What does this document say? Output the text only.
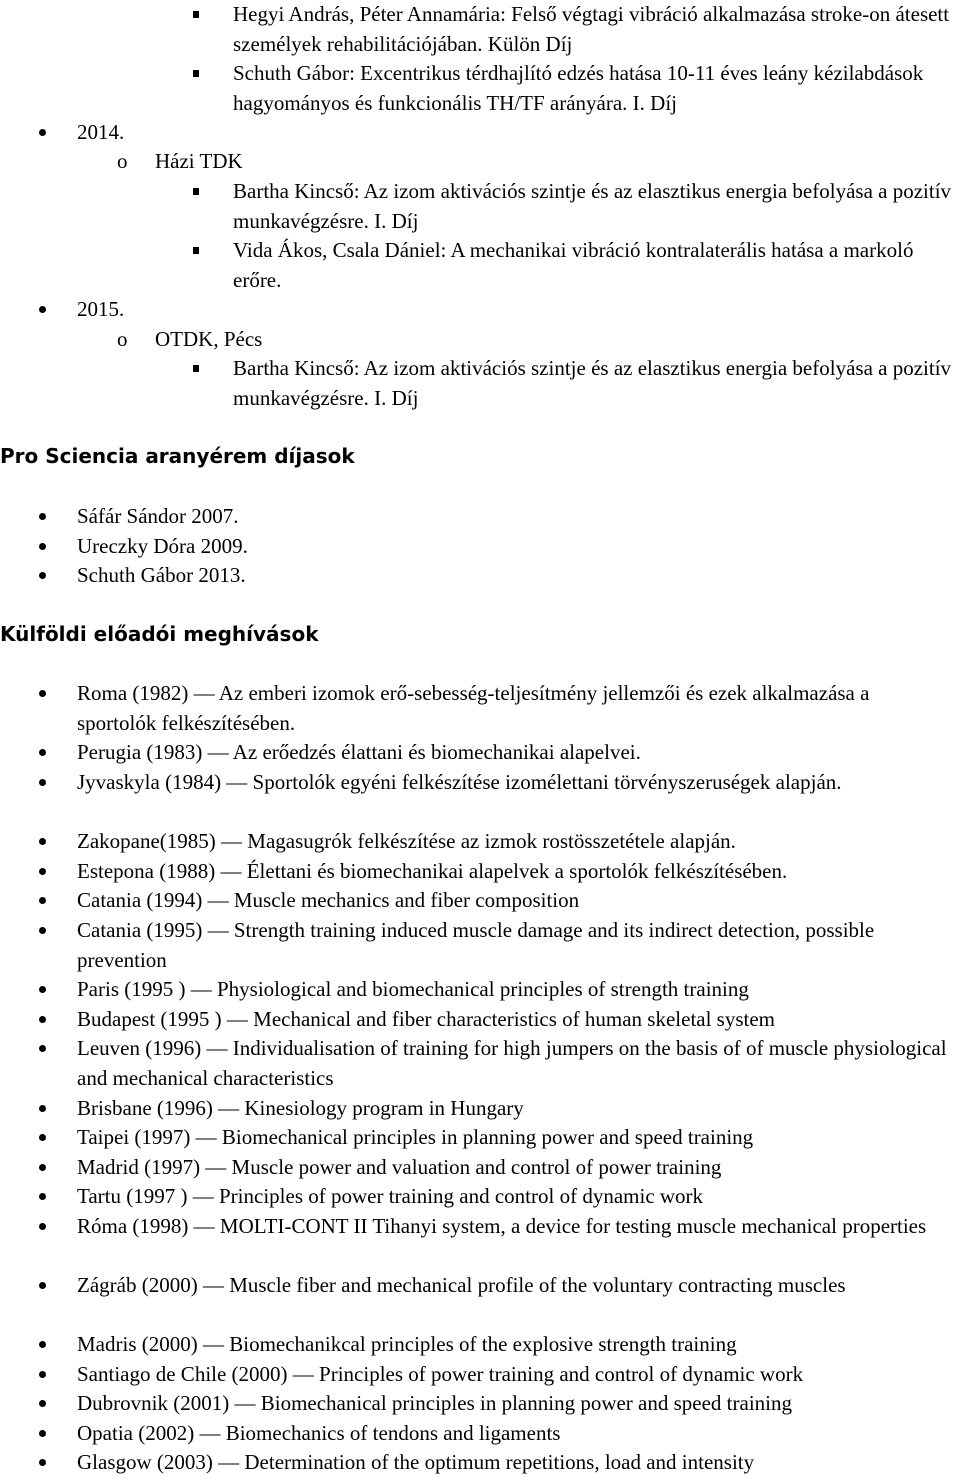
Hegyi András, Péter Annamária: Felső végtagi vibráció alkalmazása stroke-on átesett személyek rehabilitációjában. Külön Díj
Schuth Gábor: Excentrikus térdhajlító edzés hatása 10-11 éves leány kézilabdások hagyományos és funkcionális TH/TF arányára. I. Díj
2014.
o Házi TDK
Bartha Kincső: Az izom aktivációs szintje és az elasztikus energia befolyása a pozitív munkavégzésre. I. Díj
Vida Ákos, Csala Dániel: A mechanikai vibráció kontralaterális hatása a markoló erőre.
2015.
o OTDK, Pécs
Bartha Kincső: Az izom aktivációs szintje és az elasztikus energia befolyása a pozitív munkavégzésre. I. Díj
Pro Sciencia aranyérem díjasok
Sáfár Sándor 2007.
Ureczky Dóra 2009.
Schuth Gábor 2013.
Külföldi előadói meghívások
Roma (1982) — Az emberi izomok erő-sebesség-teljesítmény jellemzői és ezek alkalmazása a sportolók felkészítésében.
Perugia (1983) — Az erőedzés élattani és biomechanikai alapelvei.
Jyvaskyla (1984) — Sportolók egyéni felkészítése izomélettani törvényszeruségek alapján.
Zakopane(1985) — Magasugrók felkészítése az izmok rostösszetétele alapján.
Estepona (1988) — Élettani és biomechanikai alapelvek a sportolók felkészítésében.
Catania (1994) — Muscle mechanics and fiber composition
Catania (1995) — Strength training induced muscle damage and its indirect detection, possible prevention
Paris (1995 ) — Physiological and biomechanical principles of strength training
Budapest (1995 ) — Mechanical and fiber characteristics of human skeletal system
Leuven (1996) — Individualisation of training for high jumpers on the basis of of muscle physiological and mechanical characteristics
Brisbane (1996) — Kinesiology program in Hungary
Taipei (1997) — Biomechanical principles in planning power and speed training
Madrid (1997) — Muscle power and valuation and control of power training
Tartu (1997 ) — Principles of power training and control of dynamic work
Róma (1998) — MOLTI-CONT II Tihanyi system, a device for testing muscle mechanical properties
Zágráb (2000) — Muscle fiber and mechanical profile of the voluntary contracting muscles
Madris (2000) — Biomechanikcal principles of the explosive strength training
Santiago de Chile (2000) — Principles of power training and control of dynamic work
Dubrovnik (2001) — Biomechanical principles in planning power and speed training
Opatia (2002) — Biomechanics of tendons and ligaments
Glasgow (2003) — Determination of the optimum repetitions, load and intensity
